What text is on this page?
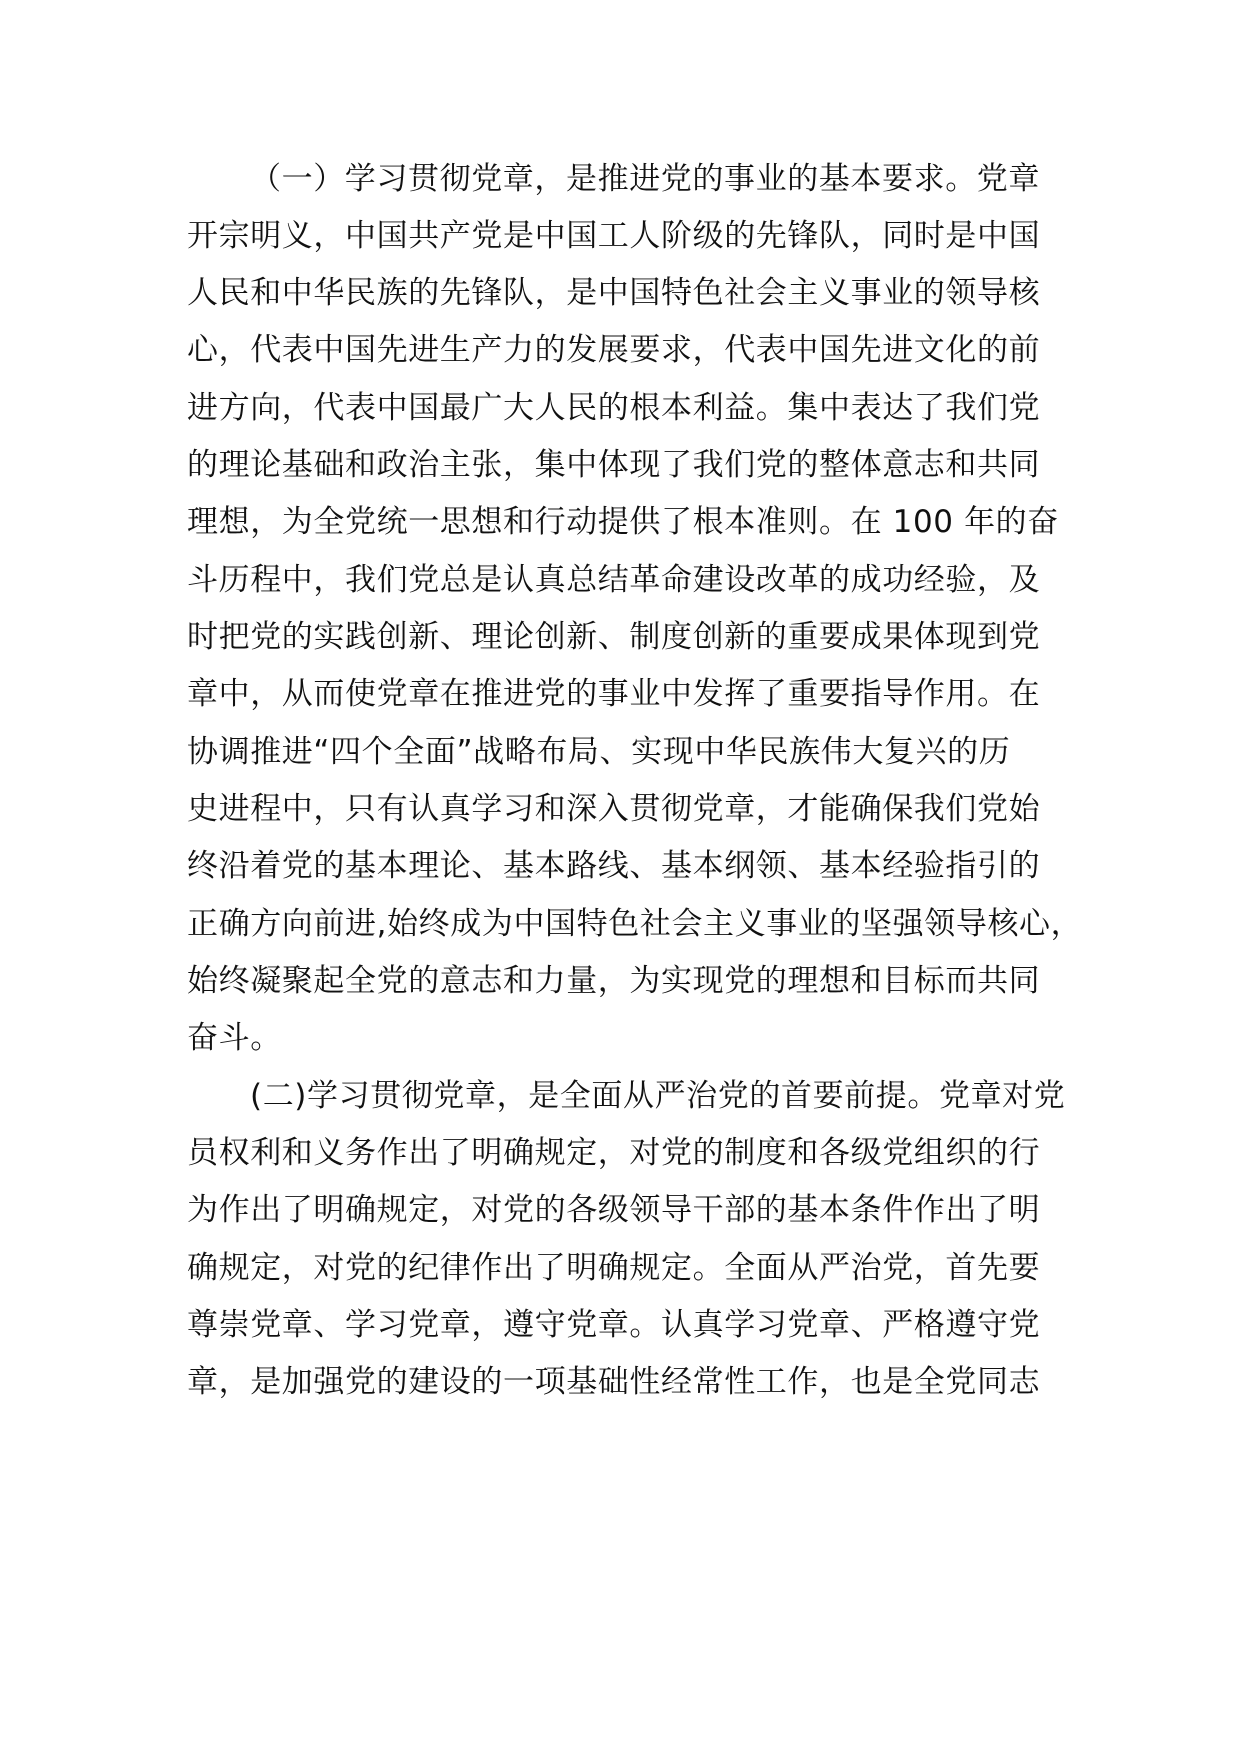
（一）学习贯彻党章，是推进党的事业的基本要求。党章

开宗明义，中国共产党是中国工人阶级的先锋队，同时是中国

人民和中华民族的先锋队，是中国特色社会主义事业的领导核

心，代表中国先进生产力的发展要求，代表中国先进文化的前

进方向，代表中国最广大人民的根本利益。集中表达了我们党

的理论基础和政治主张，集中体现了我们党的整体意志和共同

理想，为全党统一思想和行动提供了根本准则。在 100 年的奋

斗历程中，我们党总是认真总结革命建设改革的成功经验，及

时把党的实践创新、理论创新、制度创新的重要成果体现到党

章中，从而使党章在推进党的事业中发挥了重要指导作用。在

协调推进“四个全面”战略布局、实现中华民族伟大复兴的历

史进程中，只有认真学习和深入贯彻党章，才能确保我们党始

终沿着党的基本理论、基本路线、基本纲领、基本经验指引的

正确方向前进,始终成为中国特色社会主义事业的坚强领导核心，

始终凝聚起全党的意志和力量，为实现党的理想和目标而共同

奋斗。

(二)学习贯彻党章，是全面从严治党的首要前提。党章对党

员权利和义务作出了明确规定，对党的制度和各级党组织的行

为作出了明确规定，对党的各级领导干部的基本条件作出了明

确规定，对党的纪律作出了明确规定。全面从严治党，首先要

尊崇党章、学习党章，遵守党章。认真学习党章、严格遵守党

章，是加强党的建设的一项基础性经常性工作，也是全党同志
